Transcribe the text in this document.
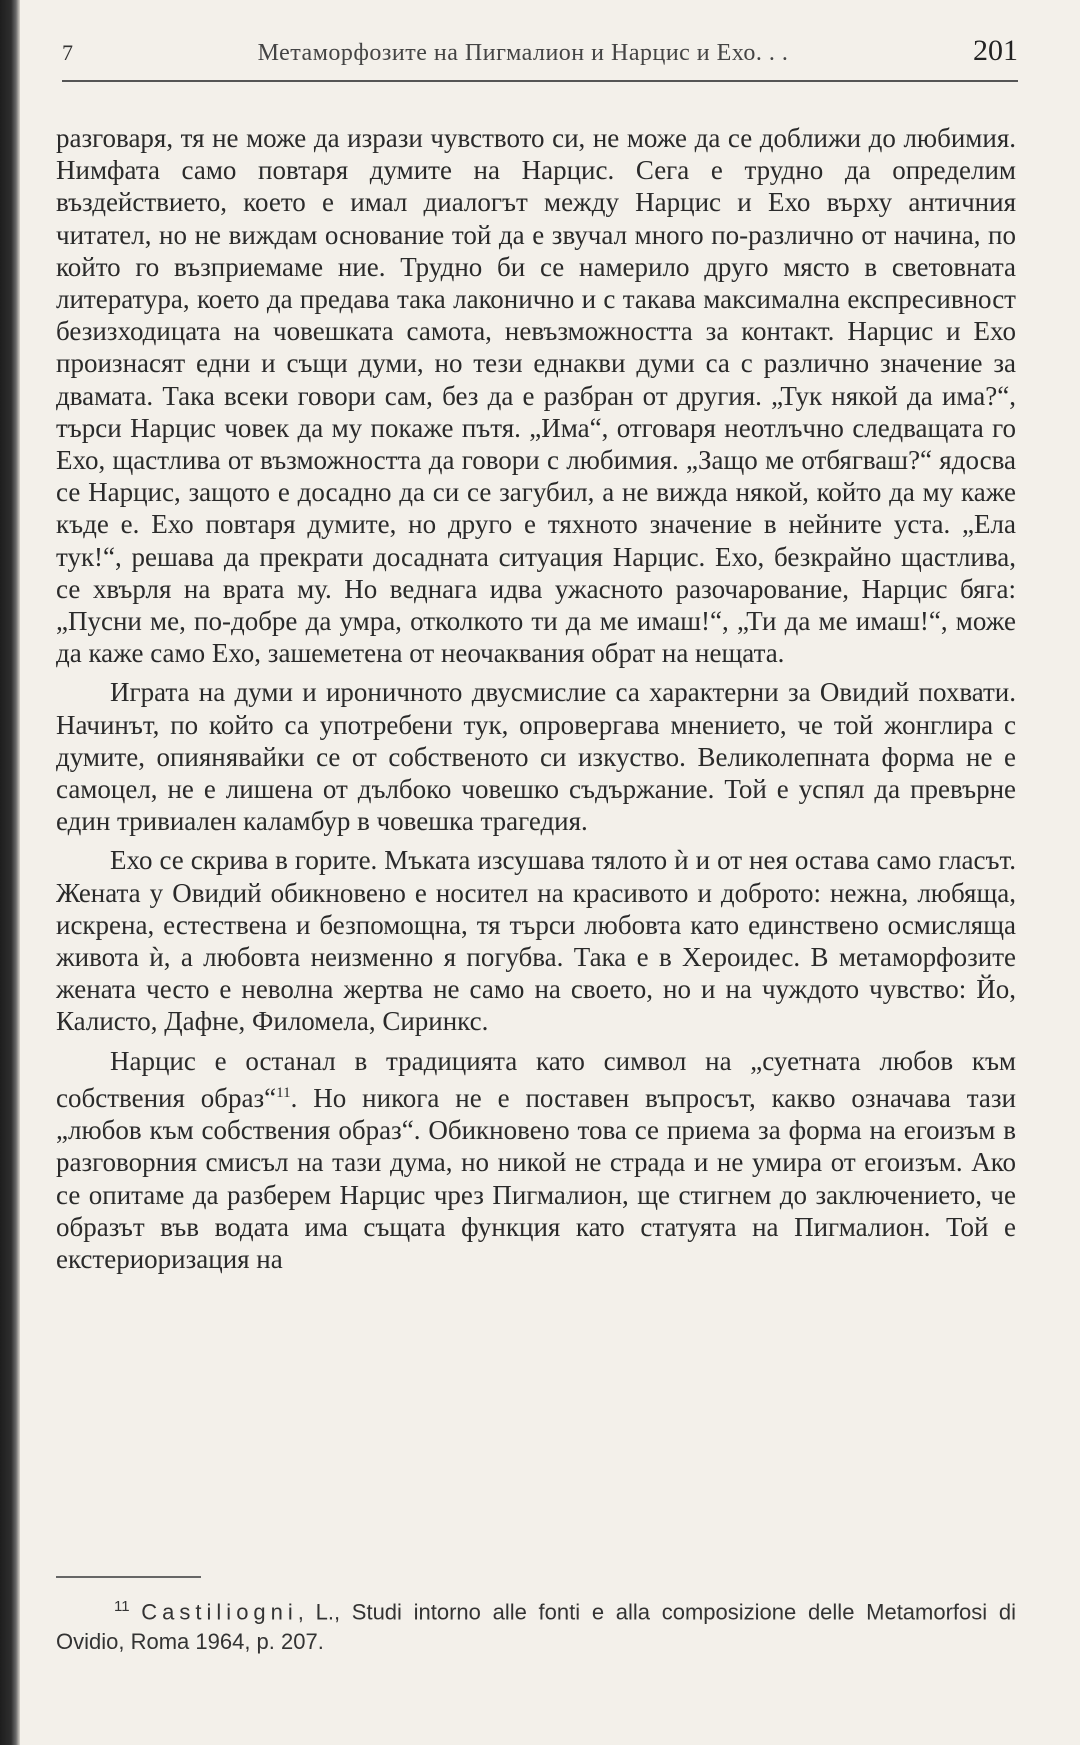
7	Метаморфозите на Пигмалион и Нарцис и Ехо. . .	201

разговаря, тя не може да изрази чувството си, не може да се доближи до любимия. Нимфата само повтаря думите на Нарцис. Сега е трудно да определим въздействието, което е имал диалогът между Нарцис и Ехо върху античния читател, но не виждам основание той да е звучал много по-различно от начина, по който го възприемаме ние. Трудно би се намерило друго място в световната литература, което да предава така лаконично и с такава максимална експресивност безизходицата на човешката самота, невъзможността за контакт. Нарцис и Ехо произнасят едни и същи думи, но тези еднакви думи са с различно значение за двамата. Така всеки говори сам, без да е разбран от другия. „Тук някой да има?“, търси Нарцис човек да му покаже пътя. „Има“, отговаря неотлъчно следващата го Ехо, щастлива от възможността да говори с любимия. „Защо ме отбягваш?“ ядосва се Нарцис, защото е досадно да си се загубил, а не вижда някой, който да му каже къде е. Ехо повтаря думите, но друго е тяхното значение в нейните уста. „Ела тук!“, решава да прекрати досадната ситуация Нарцис. Ехо, безкрайно щастлива, се хвърля на врата му. Но веднага идва ужасното разочарование, Нарцис бяга: „Пусни ме, по-добре да умра, отколкото ти да ме имаш!“, „Ти да ме имаш!“, може да каже само Ехо, зашеметена от неочаквания обрат на нещата.

Играта на думи и ироничното двусмислие са характерни за Овидий похвати. Начинът, по който са употребени тук, опровергава мнението, че той жонглира с думите, опиянявайки се от собственото си изкуство. Великолепната форма не е самоцел, не е лишена от дълбоко човешко съдържание. Той е успял да превърне един тривиален каламбур в човешка трагедия.

Ехо се скрива в горите. Мъката изсушава тялото ѝ и от нея остава само гласът. Жената у Овидий обикновено е носител на красивото и доброто: нежна, любяща, искрена, естествена и безпомощна, тя търси любовта като единствено осмисляща живота ѝ, а любовта неизменно я погубва. Така е в Хероидес. В метаморфозите жената често е неволна жертва не само на своето, но и на чуждото чувство: Йо, Калисто, Дафне, Филомела, Сиринкс.

Нарцис е останал в традицията като символ на „суетната любов към собствения образ“$^{11}$. Но никога не е поставен въпросът, какво означава тази „любов към собствения образ“. Обикновено това се приема за форма на егоизъм в разговорния смисъл на тази дума, но никой не страда и не умира от егоизъм. Ако се опитаме да разберем Нарцис чрез Пигмалион, ще стигнем до заключението, че образът във водата има същата функция като статуята на Пигмалион. Той е екстериоризация на

$^{11}$ Castiliogni, L., Studi intorno alle fonti e alla composizione delle Metamorfosi di Ovidio, Roma 1964, p. 207.
